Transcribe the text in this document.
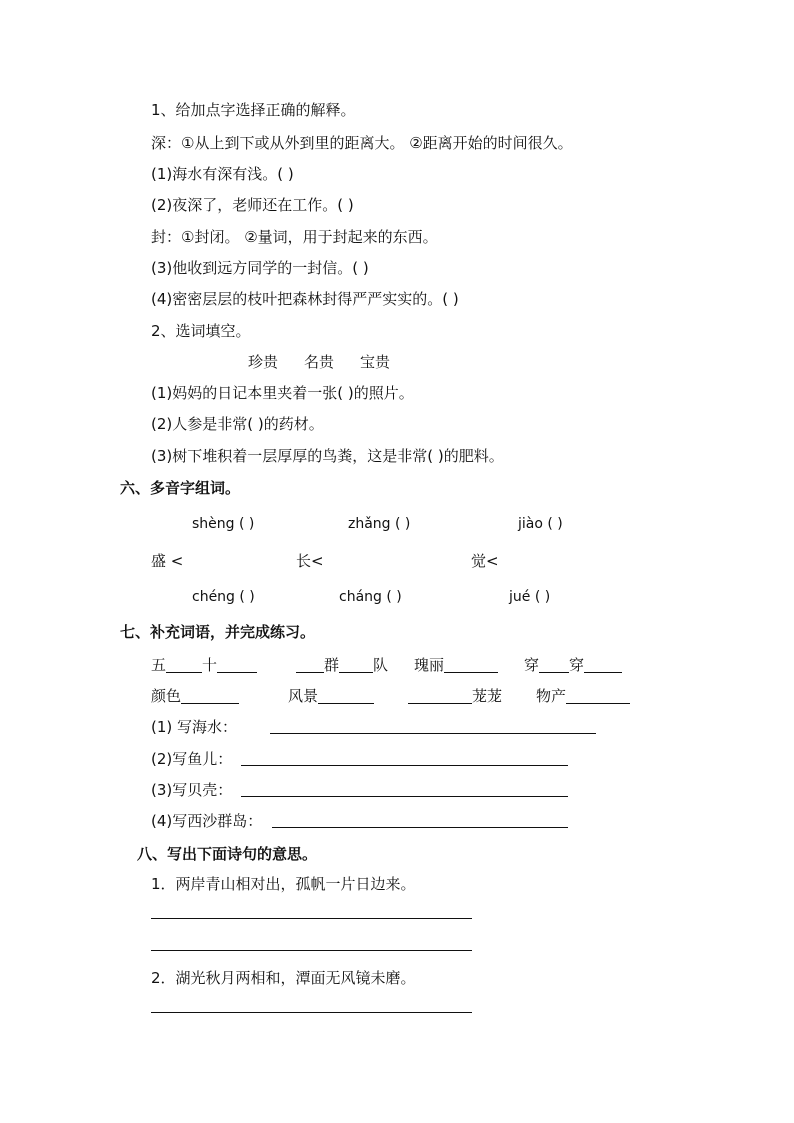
1、给加点字选择正确的解释。
深：①从上到下或从外到里的距离大。 ②距离开始的时间很久。
(1)海水有深有浅。( )
(2)夜深了，老师还在工作。( )
封：①封闭。 ②量词，用于封起来的东西。
(3)他收到远方同学的一封信。( )
(4)密密层层的枝叶把森林封得严严实实的。( )
2、选词填空。
珍贵 名贵 宝贵
(1)妈妈的日记本里夹着一张( )的照片。
(2)人参是非常( )的药材。
(3)树下堆积着一层厚厚的鸟粪，这是非常( )的肥料。
六、多音字组词。
shèng ( )	zhǎng ( )	jiào ( )
盛 <	长<	觉<
chéng ( )	cháng ( )	jué ( )
七、补充词语，并完成练习。
五 十	群 队 瑰丽	穿 穿
颜色	风景	茏茏 物产
(1) 写海水：
(2)写鱼儿：
(3)写贝壳：
(4)写西沙群岛：
八、写出下面诗句的意思。
1．两岸青山相对出，孤帆一片日边来。
2．湖光秋月两相和，潭面无风镜未磨。
